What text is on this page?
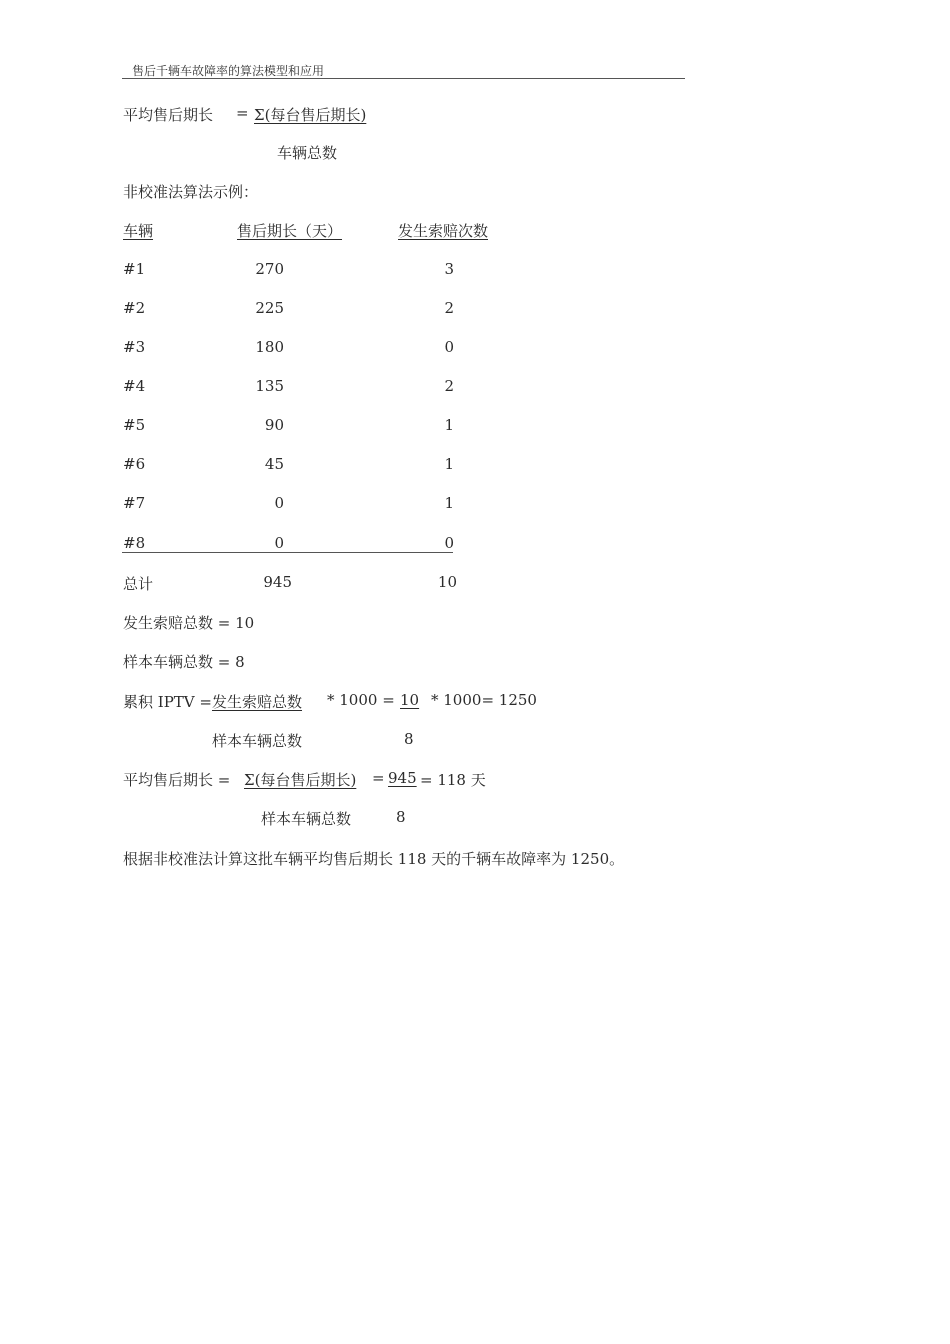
售后千辆车故障率的算法模型和应用
平均售后期长 = Σ(每台售后期长)
车辆总数
非校准法算法示例：
车辆	售后期长（天）	发生索赔次数
#1	270	3
#2	225	2
#3	180	0
#4	135	2
#5	90	1
#6	45	1
#7	0	1
#8	0	0
总计	945	10
发生索赔总数 = 10
样本车辆总数 = 8
累积 IPTV = 发生索赔总数 * 1000 = 10 * 1000= 1250
样本车辆总数	8
平均售后期长 = Σ(每台售后期长) = 945 = 118 天
样本车辆总数	8
根据非校准法计算这批车辆平均售后期长 118 天的千辆车故障率为 1250。
